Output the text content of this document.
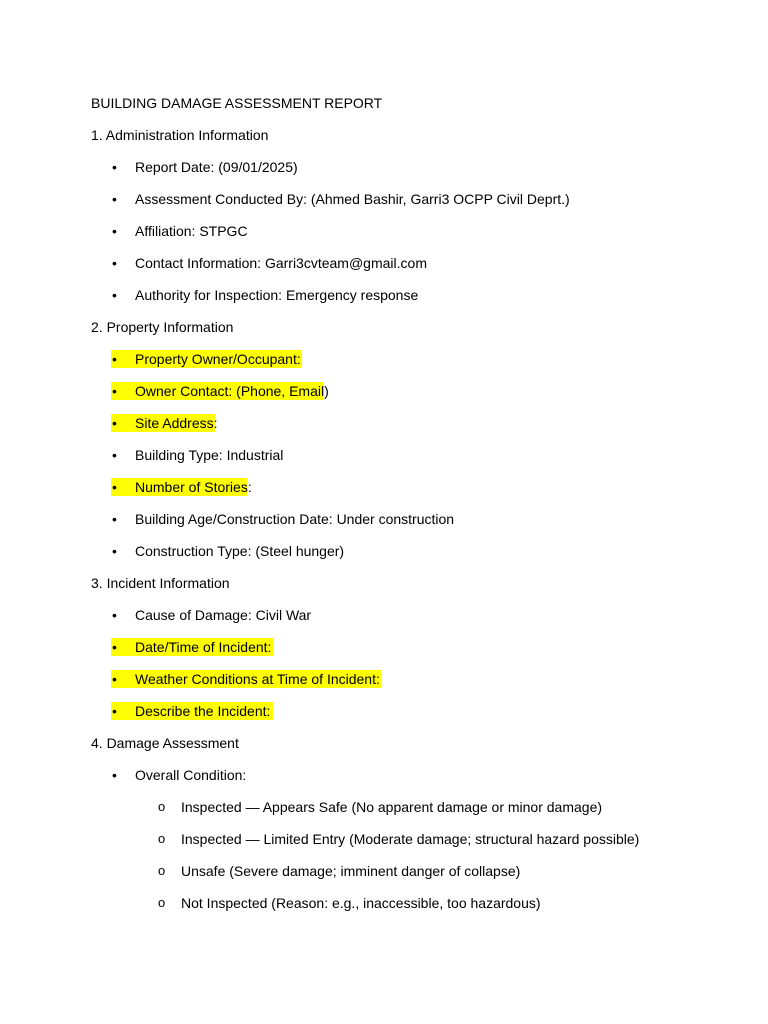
BUILDING DAMAGE ASSESSMENT REPORT
1. Administration Information
• Report Date: (09/01/2025)
• Assessment Conducted By: (Ahmed Bashir, Garri3 OCPP Civil Deprt.)
• Affiliation: STPGC
• Contact Information: Garri3cvteam@gmail.com
• Authority for Inspection: Emergency response
2. Property Information
• Property Owner/Occupant:
• Owner Contact: (Phone, Email)
• Site Address:
• Building Type: Industrial
• Number of Stories:
• Building Age/Construction Date: Under construction
• Construction Type: (Steel hunger)
3. Incident Information
• Cause of Damage: Civil War
• Date/Time of Incident:
• Weather Conditions at Time of Incident:
• Describe the Incident:
4. Damage Assessment
• Overall Condition:
o Inspected — Appears Safe (No apparent damage or minor damage)
o Inspected — Limited Entry (Moderate damage; structural hazard possible)
o Unsafe (Severe damage; imminent danger of collapse)
o Not Inspected (Reason: e.g., inaccessible, too hazardous)
